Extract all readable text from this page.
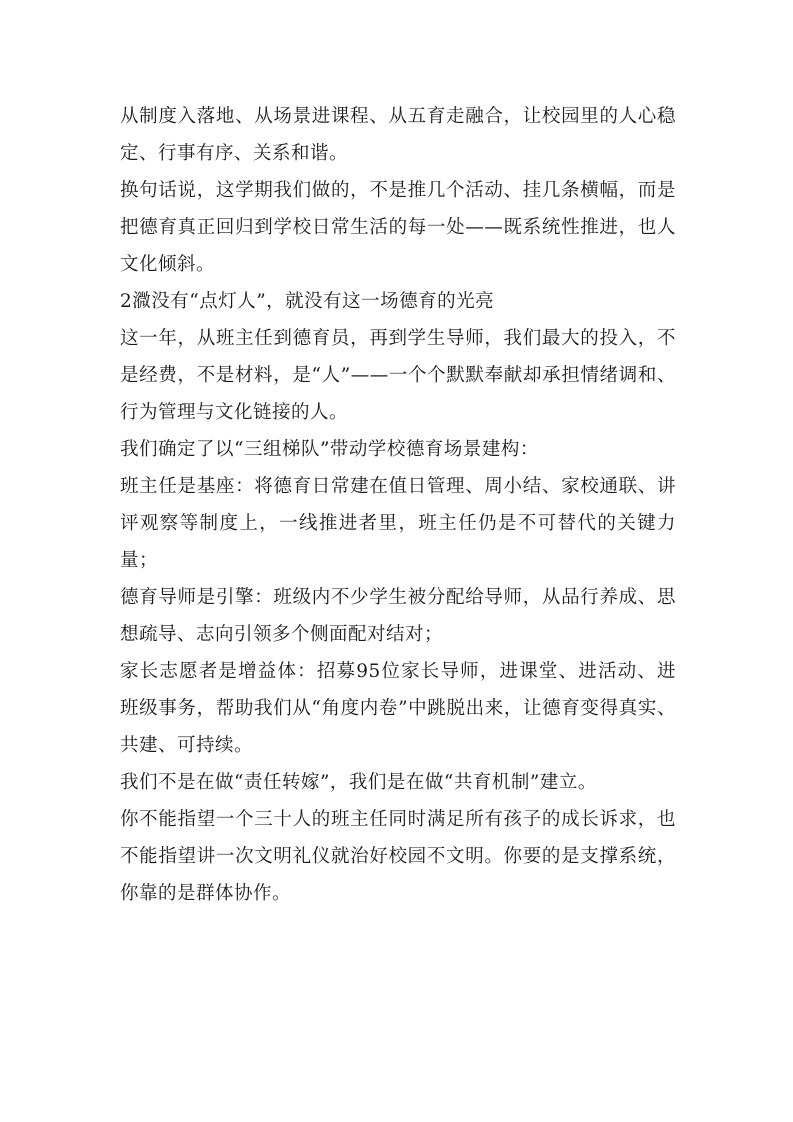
从制度入落地、从场景进课程、从五育走融合，让校园里的人心稳定、行事有序、关系和谐。

换句话说，这学期我们做的，不是推几个活动、挂几条横幅，而是把德育真正回归到学校日常生活的每一处——既系统性推进，也人文化倾斜。

2㵟没有“点灯人”，就没有这一场德育的光亮

这一年，从班主任到德育员，再到学生导师，我们最大的投入，不是经费，不是材料，是“人”——一个个默默奉献却承担情绪调和、行为管理与文化链接的人。

我们确定了以“三组梯队”带动学校德育场景建构：

班主任是基座：将德育日常建在值日管理、周小结、家校通联、讲评观察等制度上，一线推进者里，班主任仍是不可替代的关键力量；

德育导师是引擎：班级内不少学生被分配给导师，从品行养成、思想疏导、志向引领多个侧面配对结对；

家长志愿者是增益体：招募95位家长导师，进课堂、进活动、进班级事务，帮助我们从“角度内卷”中跳脱出来，让德育变得真实、共建、可持续。

我们不是在做“责任转嫁”，我们是在做“共育机制”建立。

你不能指望一个三十人的班主任同时满足所有孩子的成长诉求，也不能指望讲一次文明礼仪就治好校园不文明。你要的是支撑系统，你靠的是群体协作。
